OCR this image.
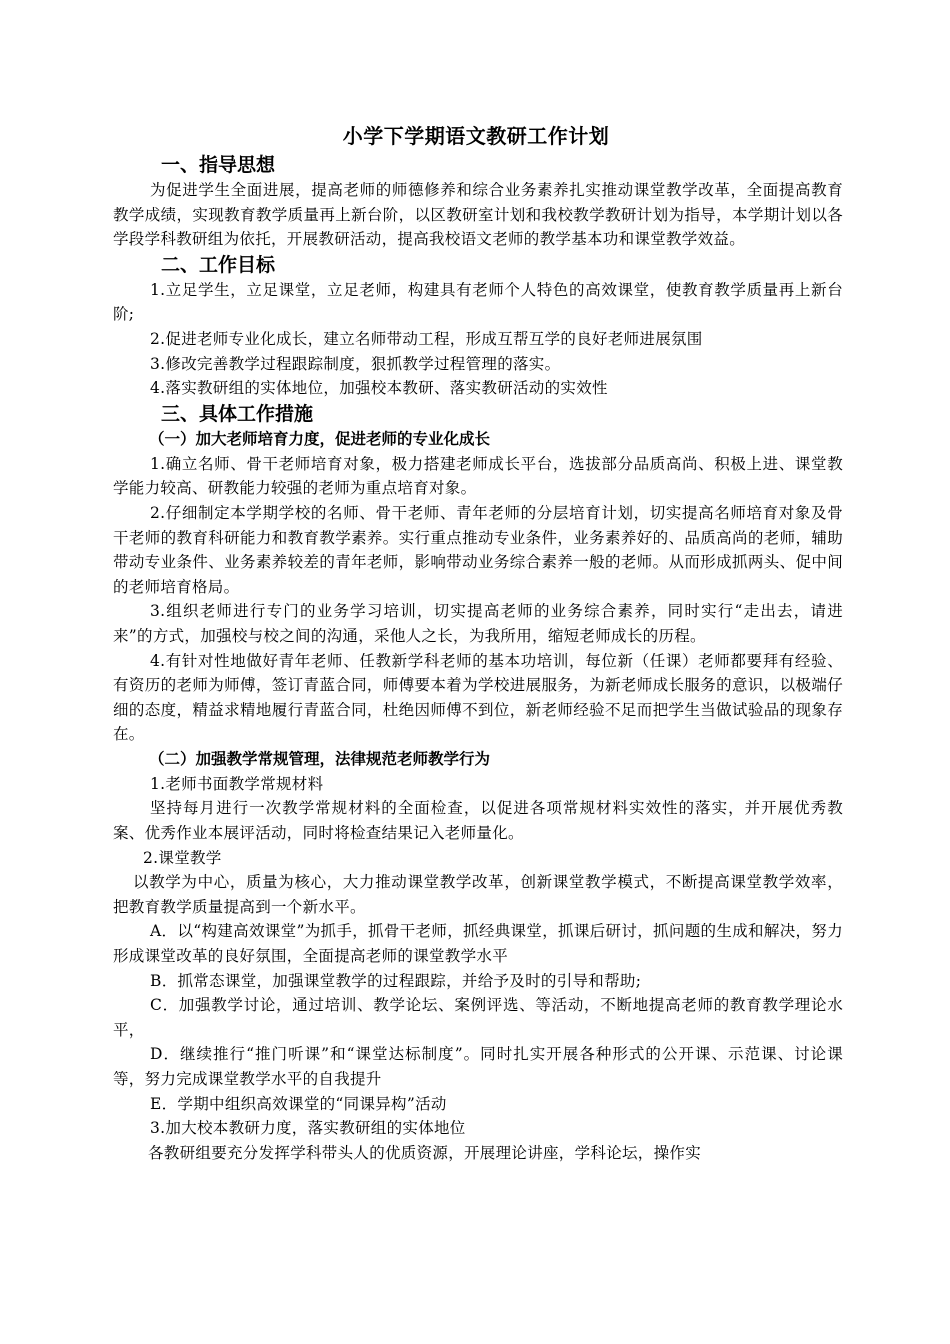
小学下学期语文教研工作计划
一、指导思想
为促进学生全面进展，提高老师的师德修养和综合业务素养扎实推动课堂教学改革，全面提高教育教学成绩，实现教育教学质量再上新台阶，以区教研室计划和我校教学教研计划为指导，本学期计划以各学段学科教研组为依托，开展教研活动，提高我校语文老师的教学基本功和课堂教学效益。
二、工作目标
1.立足学生，立足课堂，立足老师，构建具有老师个人特色的高效课堂，使教育教学质量再上新台阶;
2.促进老师专业化成长，建立名师带动工程，形成互帮互学的良好老师进展氛围
3.修改完善教学过程跟踪制度，狠抓教学过程管理的落实。
4.落实教研组的实体地位，加强校本教研、落实教研活动的实效性
三、具体工作措施
（一）加大老师培育力度，促进老师的专业化成长
1.确立名师、骨干老师培育对象，极力搭建老师成长平台，选拔部分品质高尚、积极上进、课堂教学能力较高、研教能力较强的老师为重点培育对象。
2.仔细制定本学期学校的名师、骨干老师、青年老师的分层培育计划，切实提高名师培育对象及骨干老师的教育科研能力和教育教学素养。实行重点推动专业条件，业务素养好的、品质高尚的老师，辅助带动专业条件、业务素养较差的青年老师，影响带动业务综合素养一般的老师。从而形成抓两头、促中间的老师培育格局。
3.组织老师进行专门的业务学习培训，切实提高老师的业务综合素养，同时实行“走出去，请进来”的方式，加强校与校之间的沟通，采他人之长，为我所用，缩短老师成长的历程。
4.有针对性地做好青年老师、任教新学科老师的基本功培训，每位新（任课）老师都要拜有经验、有资历的老师为师傅，签订青蓝合同，师傅要本着为学校进展服务，为新老师成长服务的意识，以极端仔细的态度，精益求精地履行青蓝合同，杜绝因师傅不到位，新老师经验不足而把学生当做试验品的现象存在。
（二）加强教学常规管理，法律规范老师教学行为
1.老师书面教学常规材料
坚持每月进行一次教学常规材料的全面检查，以促进各项常规材料实效性的落实，并开展优秀教案、优秀作业本展评活动，同时将检查结果记入老师量化。
2.课堂教学
以教学为中心，质量为核心，大力推动课堂教学改革，创新课堂教学模式，不断提高课堂教学效率，把教育教学质量提高到一个新水平。
A．以“构建高效课堂”为抓手，抓骨干老师，抓经典课堂，抓课后研讨，抓问题的生成和解决，努力形成课堂改革的良好氛围，全面提高老师的课堂教学水平
B．抓常态课堂，加强课堂教学的过程跟踪，并给予及时的引导和帮助;
C．加强教学讨论，通过培训、教学论坛、案例评选、等活动，不断地提高老师的教育教学理论水平，
D．继续推行“推门听课”和“课堂达标制度”。同时扎实开展各种形式的公开课、示范课、讨论课等，努力完成课堂教学水平的自我提升
E．学期中组织高效课堂的“同课异构”活动
3.加大校本教研力度，落实教研组的实体地位
各教研组要充分发挥学科带头人的优质资源，开展理论讲座，学科论坛，操作实
